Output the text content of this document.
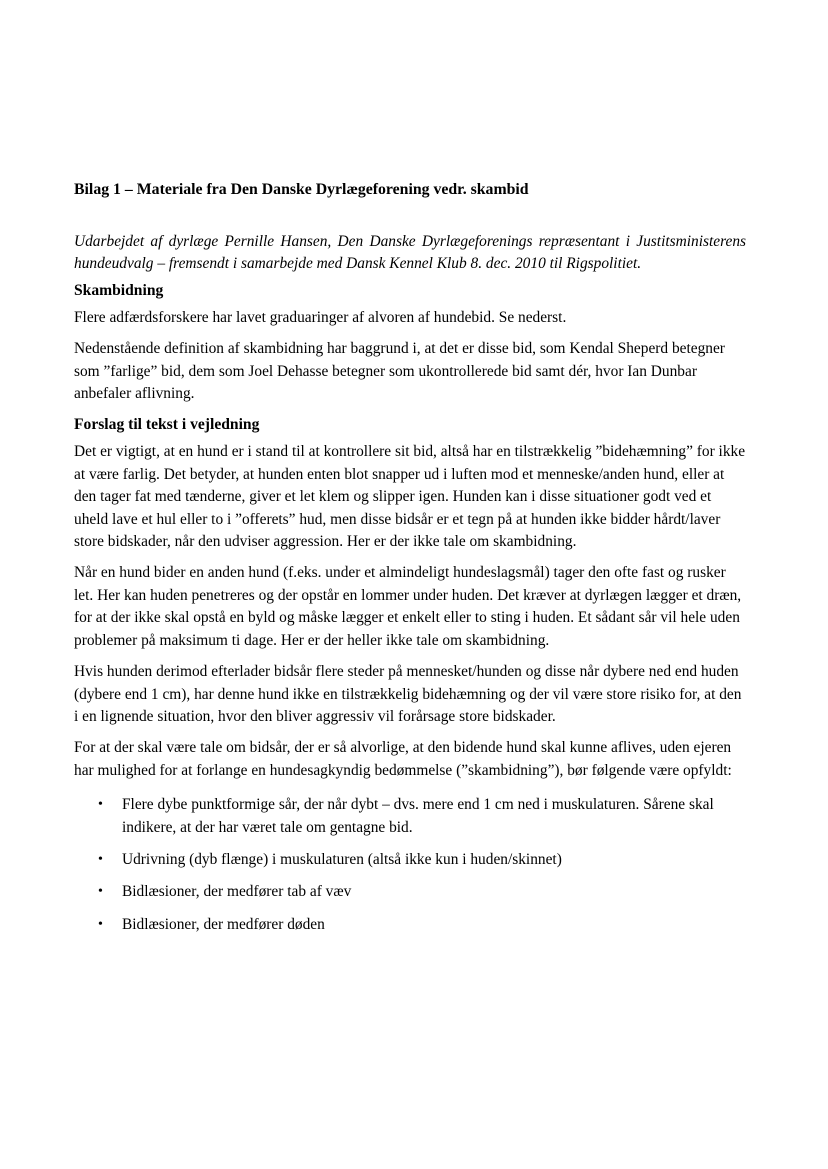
Bilag 1 – Materiale fra Den Danske Dyrlægeforening vedr. skambid

Udarbejdet af dyrlæge Pernille Hansen, Den Danske Dyrlægeforenings repræsentant i Justitsministerens hundeudvalg – fremsendt i samarbejde med Dansk Kennel Klub 8. dec. 2010 til Rigspolitiet.

Skambidning

Flere adfærdsforskere har lavet graduaringer af alvoren af hundebid. Se nederst.

Nedenstående definition af skambidning har baggrund i, at det er disse bid, som Kendal Sheperd betegner som ”farlige” bid, dem som Joel Dehasse betegner som ukontrollerede bid samt dér, hvor Ian Dunbar anbefaler aflivning.

Forslag til tekst i vejledning

Det er vigtigt, at en hund er i stand til at kontrollere sit bid, altså har en tilstrækkelig ”bidehæmning” for ikke at være farlig. Det betyder, at hunden enten blot snapper ud i luften mod et menneske/anden hund, eller at den tager fat med tænderne, giver et let klem og slipper igen. Hunden kan i disse situationer godt ved et uheld lave et hul eller to i ”offerets” hud, men disse bidsår er et tegn på at hunden ikke bidder hårdt/laver store bidskader, når den udviser aggression. Her er der ikke tale om skambidning.

Når en hund bider en anden hund (f.eks. under et almindeligt hundeslagsmål) tager den ofte fast og rusker let. Her kan huden penetreres og der opstår en lommer under huden. Det kræver at dyrlægen lægger et dræn, for at der ikke skal opstå en byld og måske lægger et enkelt eller to sting i huden. Et sådant sår vil hele uden problemer på maksimum ti dage. Her er der heller ikke tale om skambidning.

Hvis hunden derimod efterlader bidsår flere steder på mennesket/hunden og disse når dybere ned end huden (dybere end 1 cm), har denne hund ikke en tilstrækkelig bidehæmning og der vil være store risiko for, at den i en lignende situation, hvor den bliver aggressiv vil forårsage store bidskader.

For at der skal være tale om bidsår, der er så alvorlige, at den bidende hund skal kunne aflives, uden ejeren har mulighed for at forlange en hundesagkyndig bedømmelse (”skambidning”), bør følgende være opfyldt:

• Flere dybe punktformige sår, der når dybt – dvs. mere end 1 cm ned i muskulaturen. Sårene skal indikere, at der har været tale om gentagne bid.
• Udrivning (dyb flænge) i muskulaturen (altså ikke kun i huden/skinnet)
• Bidlæsioner, der medfører tab af væv
• Bidlæsioner, der medfører døden
